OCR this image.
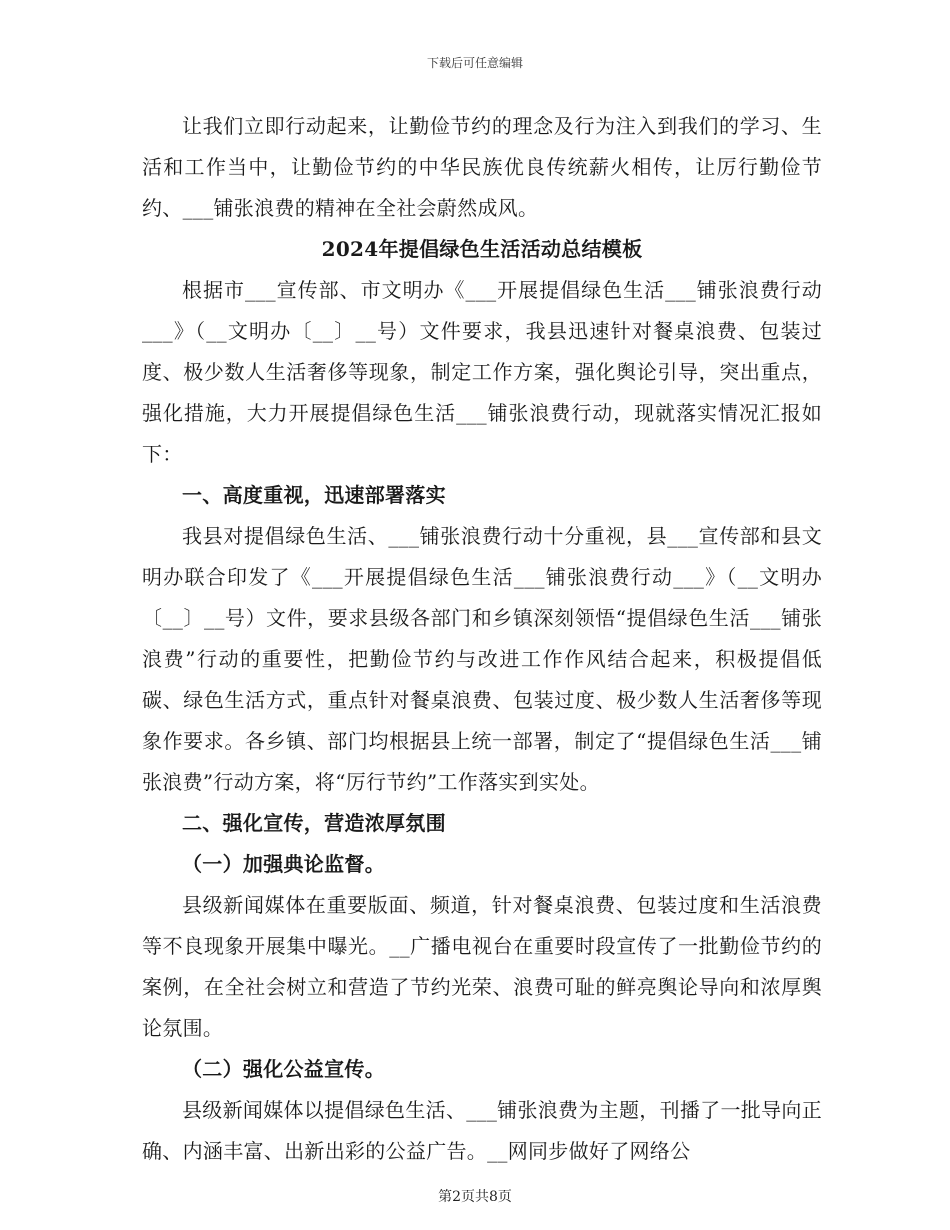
下载后可任意编辑

让我们立即行动起来，让勤俭节约的理念及行为注入到我们的学习、生活和工作当中，让勤俭节约的中华民族优良传统薪火相传，让厉行勤俭节约、___铺张浪费的精神在全社会蔚然成风。

2024年提倡绿色生活活动总结模板

根据市___宣传部、市文明办《___开展提倡绿色生活___铺张浪费行动___》（__文明办〔__〕__号）文件要求，我县迅速针对餐桌浪费、包装过度、极少数人生活奢侈等现象，制定工作方案，强化舆论引导，突出重点，强化措施，大力开展提倡绿色生活___铺张浪费行动，现就落实情况汇报如下：

一、高度重视，迅速部署落实

我县对提倡绿色生活、___铺张浪费行动十分重视，县___宣传部和县文明办联合印发了《___开展提倡绿色生活___铺张浪费行动___》（__文明办〔__〕__号）文件，要求县级各部门和乡镇深刻领悟“提倡绿色生活___铺张浪费”行动的重要性，把勤俭节约与改进工作作风结合起来，积极提倡低碳、绿色生活方式，重点针对餐桌浪费、包装过度、极少数人生活奢侈等现象作要求。各乡镇、部门均根据县上统一部署，制定了“提倡绿色生活___铺张浪费”行动方案，将“厉行节约”工作落实到实处。

二、强化宣传，营造浓厚氛围

（一）加强典论监督。

县级新闻媒体在重要版面、频道，针对餐桌浪费、包装过度和生活浪费等不良现象开展集中曝光。__广播电视台在重要时段宣传了一批勤俭节约的案例，在全社会树立和营造了节约光荣、浪费可耻的鲜亮舆论导向和浓厚舆论氛围。

（二）强化公益宣传。

县级新闻媒体以提倡绿色生活、___铺张浪费为主题，刊播了一批导向正确、内涵丰富、出新出彩的公益广告。__网同步做好了网络公

第2页共8页
